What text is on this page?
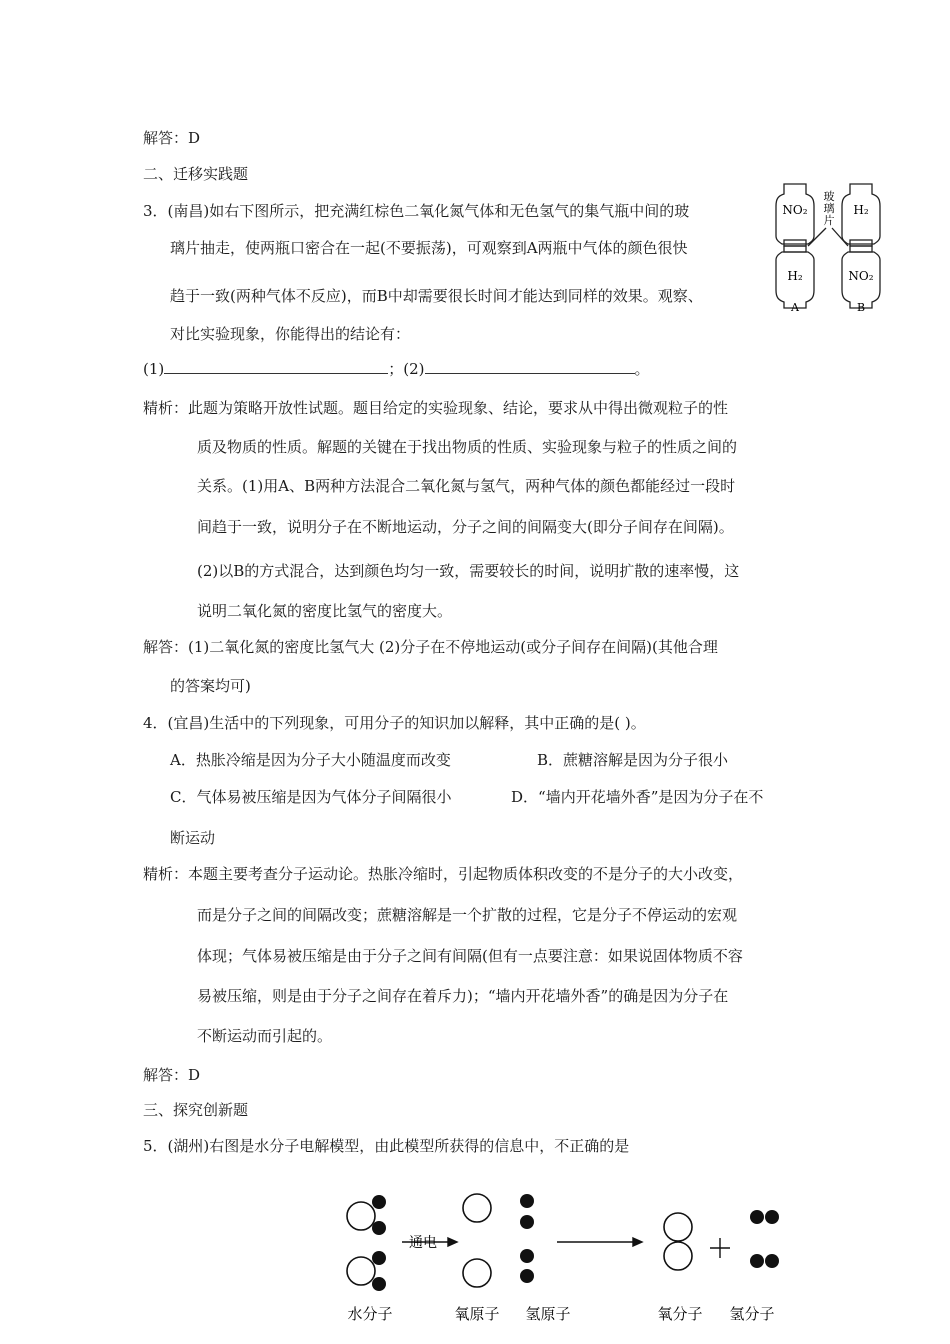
解答：D
二、迁移实践题
3．(南昌)如右下图所示，把充满红棕色二氧化氮气体和无色氢气的集气瓶中间的玻
璃片抽走，使两瓶口密合在一起(不要振荡)，可观察到A两瓶中气体的颜色很快
趋于一致(两种气体不反应)，而B中却需要很长时间才能达到同样的效果。观察、
对比实验现象，你能得出的结论有：
(1)	；(2)	。
精析：此题为策略开放性试题。题目给定的实验现象、结论，要求从中得出微观粒子的性
质及物质的性质。解题的关键在于找出物质的性质、实验现象与粒子的性质之间的
关系。(1)用A、B两种方法混合二氧化氮与氢气，两种气体的颜色都能经过一段时
间趋于一致，说明分子在不断地运动，分子之间的间隔变大(即分子间存在间隔)。
(2)以B的方式混合，达到颜色均匀一致，需要较长的时间，说明扩散的速率慢，这
说明二氧化氮的密度比氢气的密度大。
解答：(1)二氧化氮的密度比氢气大 (2)分子在不停地运动(或分子间存在间隔)(其他合理
的答案均可)
4．(宜昌)生活中的下列现象，可用分子的知识加以解释，其中正确的是( )。
A．热胀冷缩是因为分子大小随温度而改变	B．蔗糖溶解是因为分子很小
C．气体易被压缩是因为气体分子间隔很小	D．“墙内开花墙外香”是因为分子在不
断运动
精析：本题主要考查分子运动论。热胀冷缩时，引起物质体积改变的不是分子的大小改变，
而是分子之间的间隔改变；蔗糖溶解是一个扩散的过程，它是分子不停运动的宏观
体现；气体易被压缩是由于分子之间有间隔(但有一点要注意：如果说固体物质不容
易被压缩，则是由于分子之间存在着斥力)；“墙内开花墙外香”的确是因为分子在
不断运动而引起的。
解答：D
三、探究创新题
5．(湖州)右图是水分子电解模型，由此模型所获得的信息中，不正确的是
NO₂
H₂
H₂
NO₂
玻
璃
片
A	B
通电
水分子	氧原子 氢原子	氧分子 氢分子
